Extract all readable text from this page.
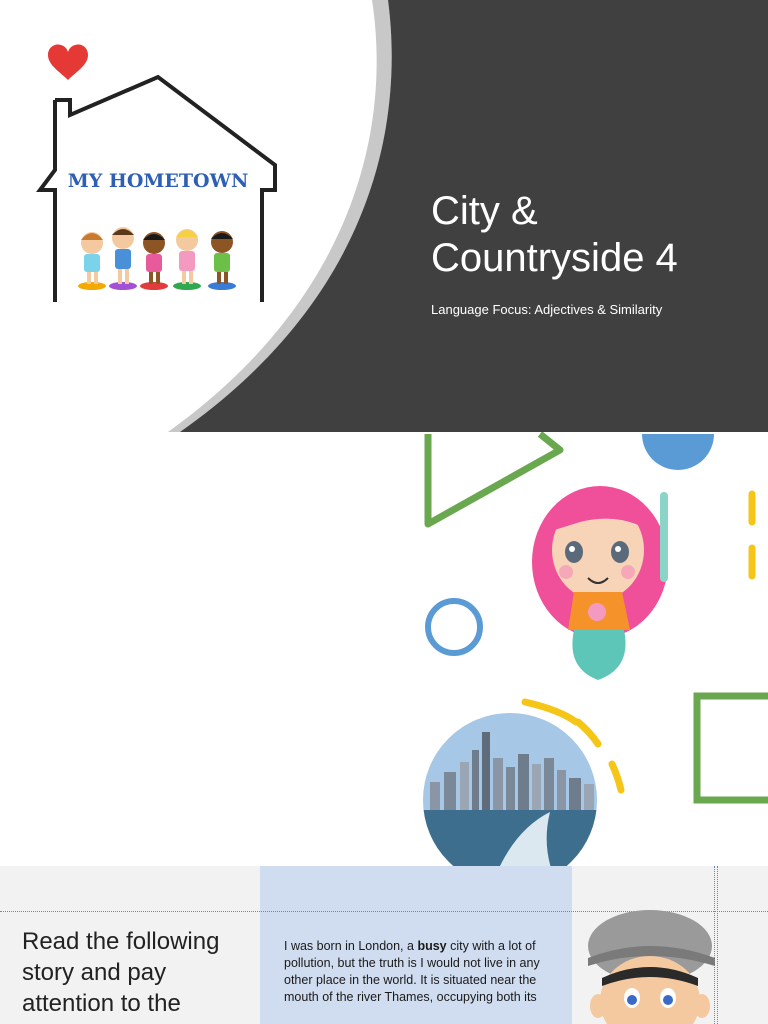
MY HOMETOWN
City &
Countryside 4
Language Focus: Adjectives & Similarity

Read the following story and pay attention to the
I was born in London, a busy city with a lot of pollution, but the truth is I would not live in any other place in the world. It is situated near the mouth of the river Thames, occupying both its
